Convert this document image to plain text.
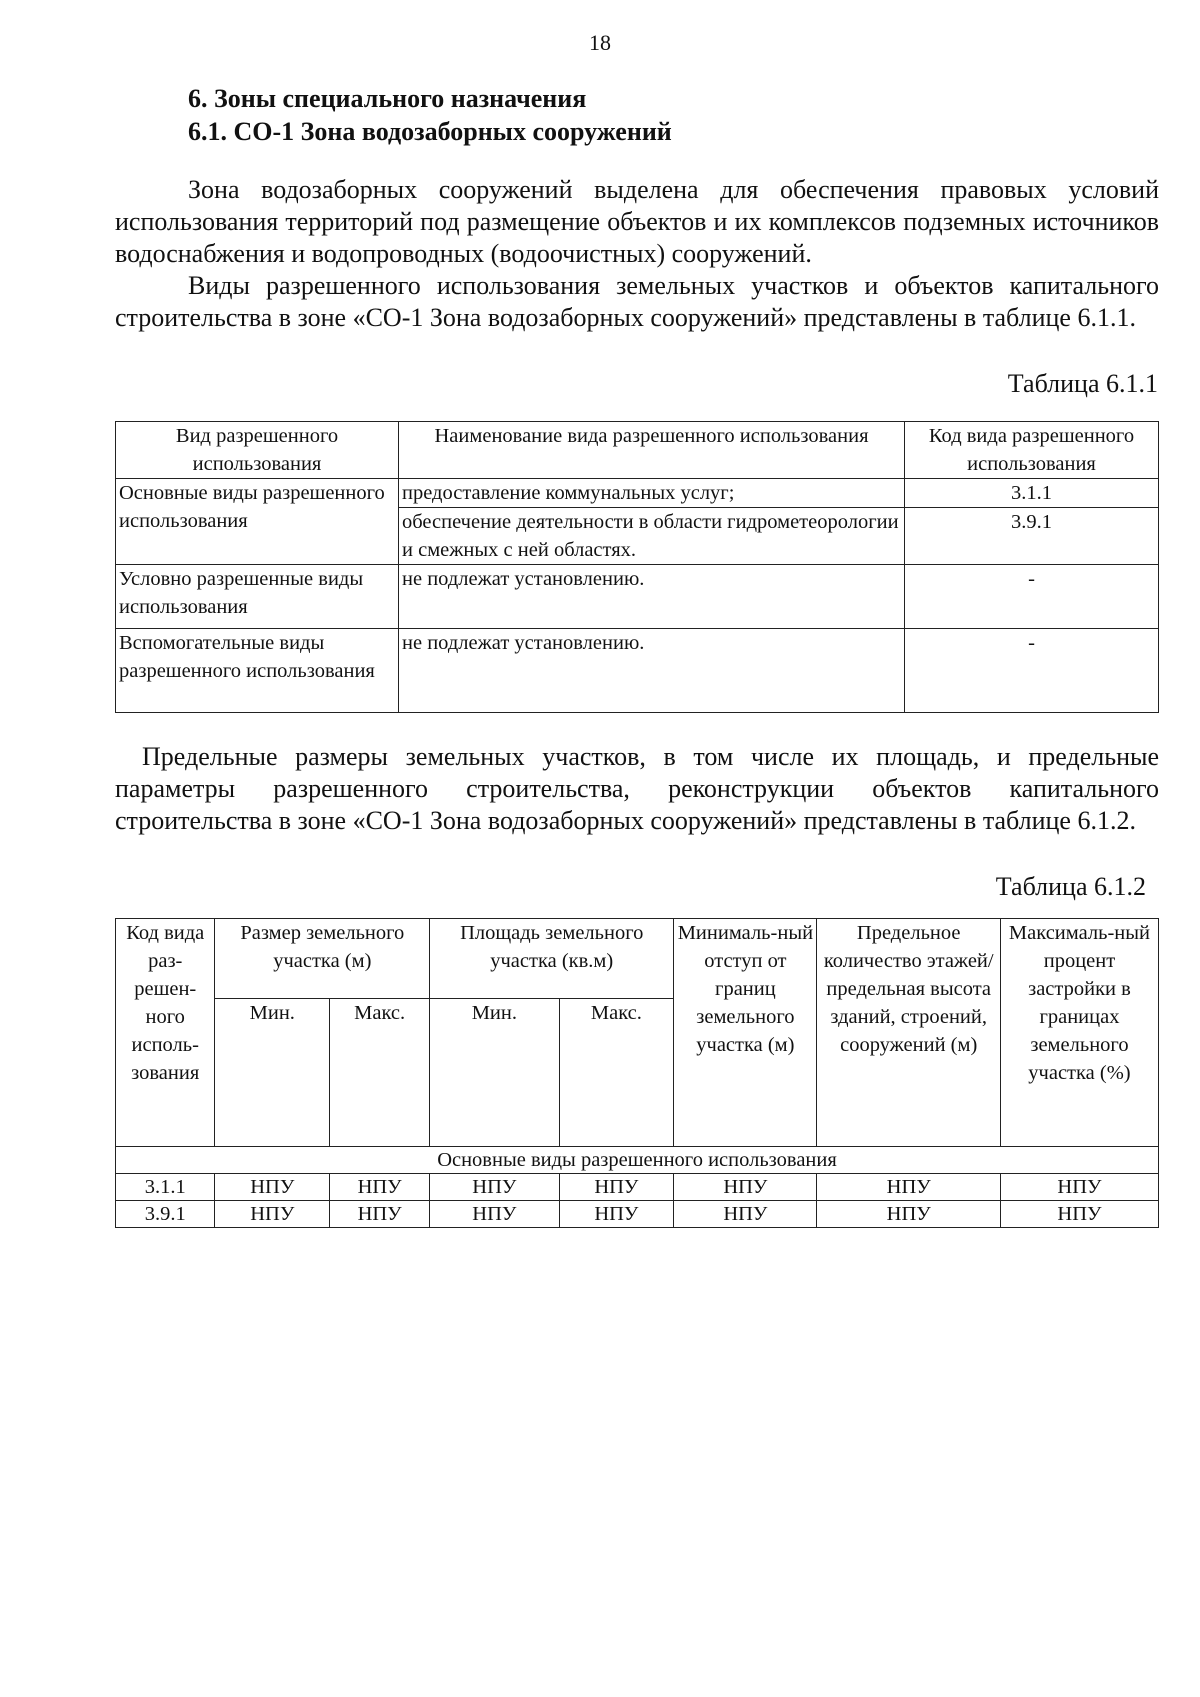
18
6. Зоны специального назначения
6.1. СО-1 Зона водозаборных сооружений

Зона водозаборных сооружений выделена для обеспечения правовых условий использования территорий под размещение объектов и их комплексов подземных источников водоснабжения и водопроводных (водоочистных) сооружений.

Виды разрешенного использования земельных участков и объектов капитального строительства в зоне «СО-1 Зона водозаборных сооружений» представлены в таблице 6.1.1.

Таблица 6.1.1

Вид разрешенного использования	Наименование вида разрешенного использования	Код вида разрешенного использования
Основные виды разрешенного использования	предоставление коммунальных услуг;	3.1.1
	обеспечение деятельности в области гидрометеорологии и смежных с ней областях.	3.9.1
Условно разрешенные виды использования	не подлежат установлению.	-
Вспомогательные виды разрешенного использования	не подлежат установлению.	-

Предельные размеры земельных участков, в том числе их площадь, и предельные параметры разрешенного строительства, реконструкции объектов капитального строительства в зоне «СО-1 Зона водозаборных сооружений» представлены в таблице 6.1.2.

Таблица 6.1.2

Код вида раз-решен-ного исполь-зования	Размер земельного участка (м)		Площадь земельного участка (кв.м)		Минималь-ный отступ от границ земельного участка (м)	Предельное количество этажей/ предельная высота зданий, строений, сооружений (м)	Максималь-ный процент застройки в границах земельного участка (%)
	Мин.	Макс.	Мин.	Макс.			
Основные виды разрешенного использования							
3.1.1	НПУ	НПУ	НПУ	НПУ	НПУ	НПУ	НПУ
3.9.1	НПУ	НПУ	НПУ	НПУ	НПУ	НПУ	НПУ
